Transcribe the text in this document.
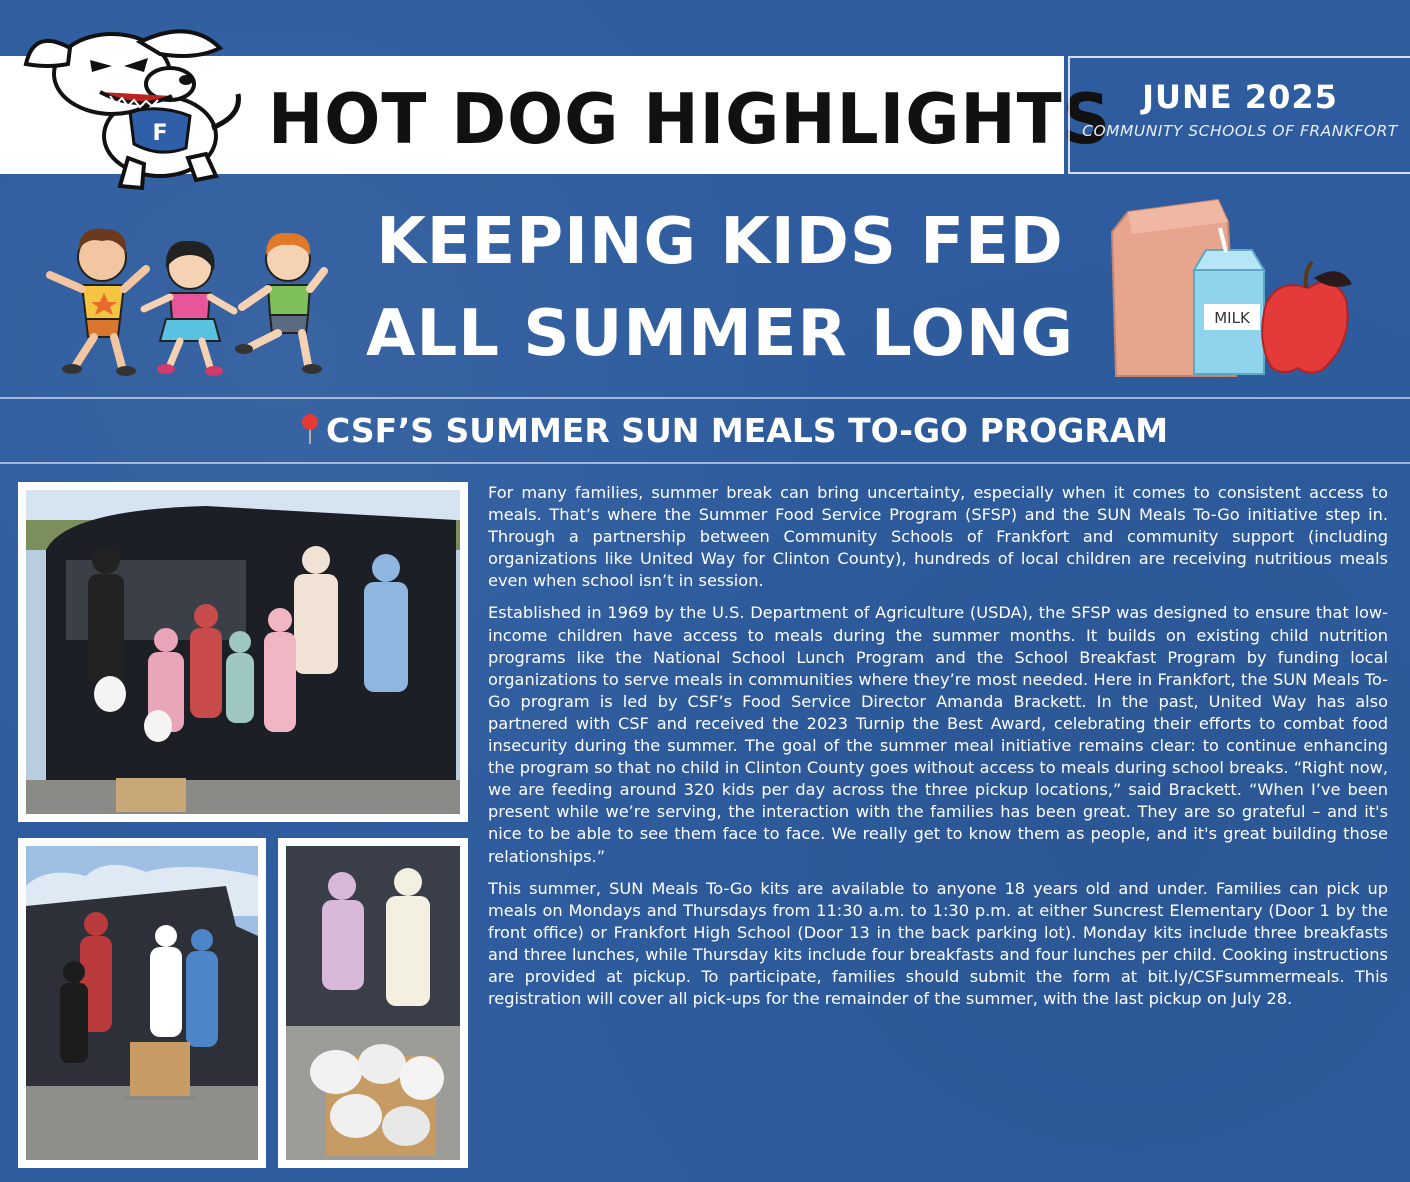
F HOT DOG HIGHLIGHTS JUNE 2025
COMMUNITY SCHOOLS OF FRANKFORT
KEEPING KIDS FED
ALL SUMMER LONG	MILK
CSF’S SUMMER SUN MEALS TO-GO PROGRAM

For many families, summer break can bring uncertainty, especially when it comes to consistent access to meals. That’s where the Summer Food Service Program (SFSP) and the SUN Meals To-Go initiative step in. Through a partnership between Community Schools of Frankfort and community support (including organizations like United Way for Clinton County), hundreds of local children are receiving nutritious meals even when school isn’t in session.

Established in 1969 by the U.S. Department of Agriculture (USDA), the SFSP was designed to ensure that low-income children have access to meals during the summer months. It builds on existing child nutrition programs like the National School Lunch Program and the School Breakfast Program by funding local organizations to serve meals in communities where they’re most needed. Here in Frankfort, the SUN Meals To-Go program is led by CSF’s Food Service Director Amanda Brackett. In the past, United Way has also partnered with CSF and received the 2023 Turnip the Best Award, celebrating their efforts to combat food insecurity during the summer. The goal of the summer meal initiative remains clear: to continue enhancing the program so that no child in Clinton County goes without access to meals during school breaks. “Right now, we are feeding around 320 kids per day across the three pickup locations,” said Brackett. “When I’ve been present while we’re serving, the interaction with the families has been great. They are so grateful – and it's nice to be able to see them face to face. We really get to know them as people, and it's great building those relationships.”

This summer, SUN Meals To-Go kits are available to anyone 18 years old and under. Families can pick up meals on Mondays and Thursdays from 11:30 a.m. to 1:30 p.m. at either Suncrest Elementary (Door 1 by the front office) or Frankfort High School (Door 13 in the back parking lot). Monday kits include three breakfasts and three lunches, while Thursday kits include four breakfasts and four lunches per child. Cooking instructions are provided at pickup. To participate, families should submit the form at bit.ly/CSFsummermeals. This registration will cover all pick-ups for the remainder of the summer, with the last pickup on July 28.
